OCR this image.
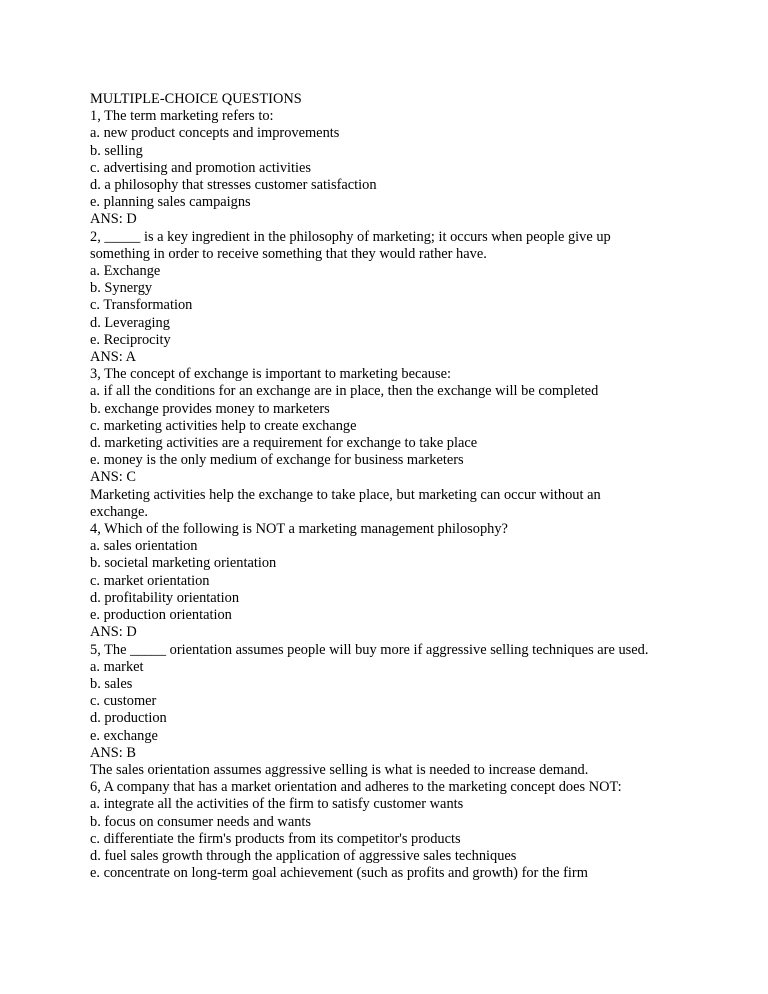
MULTIPLE-CHOICE QUESTIONS
1, The term marketing refers to:
a. new product concepts and improvements
b. selling
c. advertising and promotion activities
d. a philosophy that stresses customer satisfaction
e. planning sales campaigns
ANS: D
2, _____ is a key ingredient in the philosophy of marketing; it occurs when people give up something in order to receive something that they would rather have.
a. Exchange
b. Synergy
c. Transformation
d. Leveraging
e. Reciprocity
ANS: A
3, The concept of exchange is important to marketing because:
a. if all the conditions for an exchange are in place, then the exchange will be completed
b. exchange provides money to marketers
c. marketing activities help to create exchange
d. marketing activities are a requirement for exchange to take place
e. money is the only medium of exchange for business marketers
ANS: C
Marketing activities help the exchange to take place, but marketing can occur without an exchange.
4, Which of the following is NOT a marketing management philosophy?
a. sales orientation
b. societal marketing orientation
c. market orientation
d. profitability orientation
e. production orientation
ANS: D
5, The _____ orientation assumes people will buy more if aggressive selling techniques are used.
a. market
b. sales
c. customer
d. production
e. exchange
ANS: B
The sales orientation assumes aggressive selling is what is needed to increase demand.
6, A company that has a market orientation and adheres to the marketing concept does NOT:
a. integrate all the activities of the firm to satisfy customer wants
b. focus on consumer needs and wants
c. differentiate the firm's products from its competitor's products
d. fuel sales growth through the application of aggressive sales techniques
e. concentrate on long-term goal achievement (such as profits and growth) for the firm
